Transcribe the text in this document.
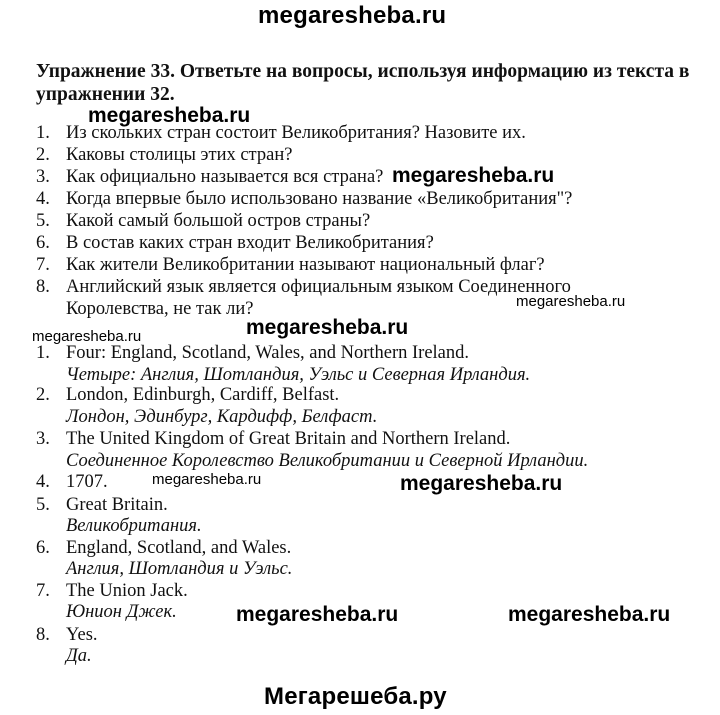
megaresheba.ru
Упражнение 33. Ответьте на вопросы, используя информацию из текста в
упражнении 32.
1. Из скольких стран состоит Великобритания? Назовите их.
2. Каковы столицы этих стран?
3. Как официально называется вся страна?
4. Когда впервые было использовано название «Великобритания"?
5. Какой самый большой остров страны?
6. В состав каких стран входит Великобритания?
7. Как жители Великобритании называют национальный флаг?
8. Английский язык является официальным языком Соединенного
Королевства, не так ли?
1. Four: England, Scotland, Wales, and Northern Ireland.
Четыре: Англия, Шотландия, Уэльс и Северная Ирландия.
2. London, Edinburgh, Cardiff, Belfast.
Лондон, Эдинбург, Кардифф, Белфаст.
3. The United Kingdom of Great Britain and Northern Ireland.
Соединенное Королевство Великобритании и Северной Ирландии.
4. 1707.
5. Great Britain.
Великобритания.
6. England, Scotland, and Wales.
Англия, Шотландия и Уэльс.
7. The Union Jack.
Юнион Джек.
8. Yes.
Да.
megaresheba.ru
megaresheba.ru
megaresheba.ru
megaresheba.ru
megaresheba.ru
megaresheba.ru	megaresheba.ru
megaresheba.ru	megaresheba.ru
Мегарешеба.ру
